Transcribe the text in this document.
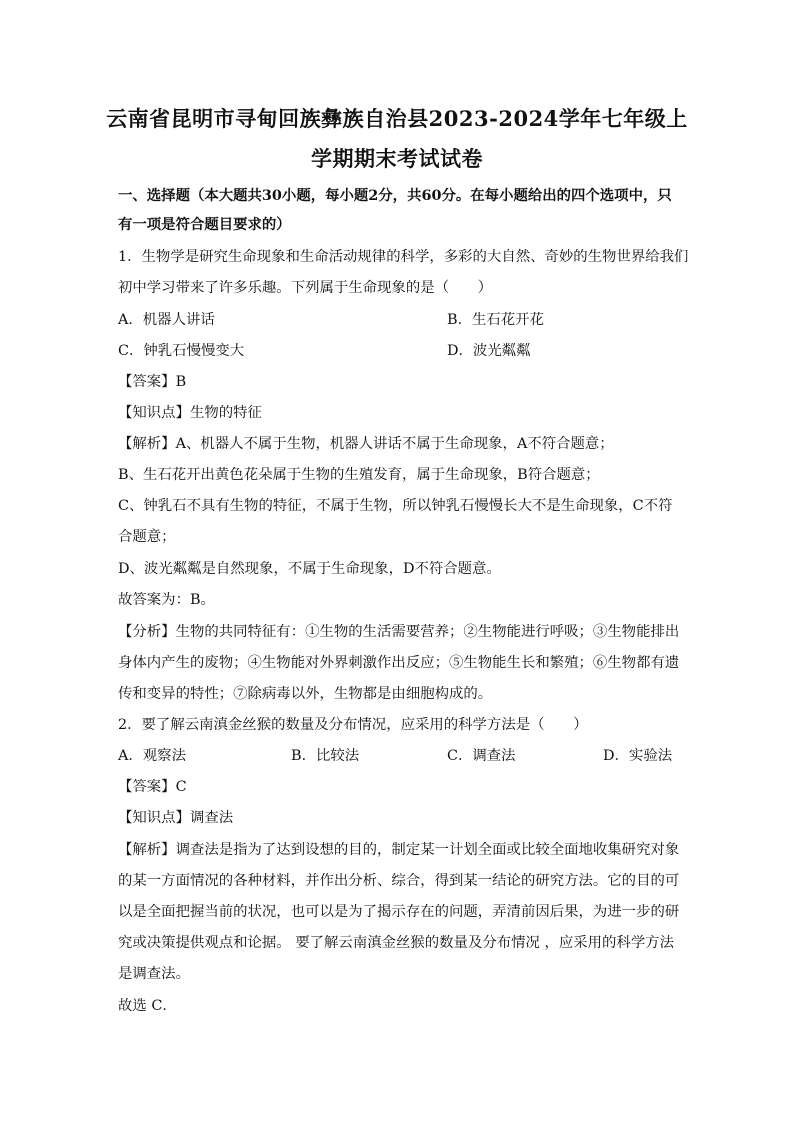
云南省昆明市寻甸回族彝族自治县2023-2024学年七年级上
学期期末考试试卷
一、选择题（本大题共30小题，每小题2分，共60分。在每小题给出的四个选项中，只
有一项是符合题目要求的）
1．生物学是研究生命现象和生命活动规律的科学，多彩的大自然、奇妙的生物世界给我们
初中学习带来了许多乐趣。下列属于生命现象的是（　　）
A．机器人讲话	B．生石花开花
C．钟乳石慢慢变大	D．波光粼粼
【答案】B
【知识点】生物的特征
【解析】A、机器人不属于生物，机器人讲话不属于生命现象，A不符合题意；
B、生石花开出黄色花朵属于生物的生殖发育，属于生命现象，B符合题意；
C、钟乳石不具有生物的特征，不属于生物，所以钟乳石慢慢长大不是生命现象，C不符
合题意；
D、波光粼粼是自然现象，不属于生命现象，D不符合题意。
故答案为：B。
【分析】生物的共同特征有：①生物的生活需要营养；②生物能进行呼吸；③生物能排出
身体内产生的废物；④生物能对外界刺激作出反应；⑤生物能生长和繁殖；⑥生物都有遗
传和变异的特性；⑦除病毒以外，生物都是由细胞构成的。
2．要了解云南滇金丝猴的数量及分布情况，应采用的科学方法是（　　）
A．观察法	B．比较法	C．调查法	D．实验法
【答案】C
【知识点】调查法
【解析】调查法是指为了达到设想的目的，制定某一计划全面或比较全面地收集研究对象
的某一方面情况的各种材料，并作出分析、综合，得到某一结论的研究方法。它的目的可
以是全面把握当前的状况，也可以是为了揭示存在的问题，弄清前因后果，为进一步的研
究或决策提供观点和论据。 要了解云南滇金丝猴的数量及分布情况 ，应采用的科学方法
是调查法。
故选 C．
